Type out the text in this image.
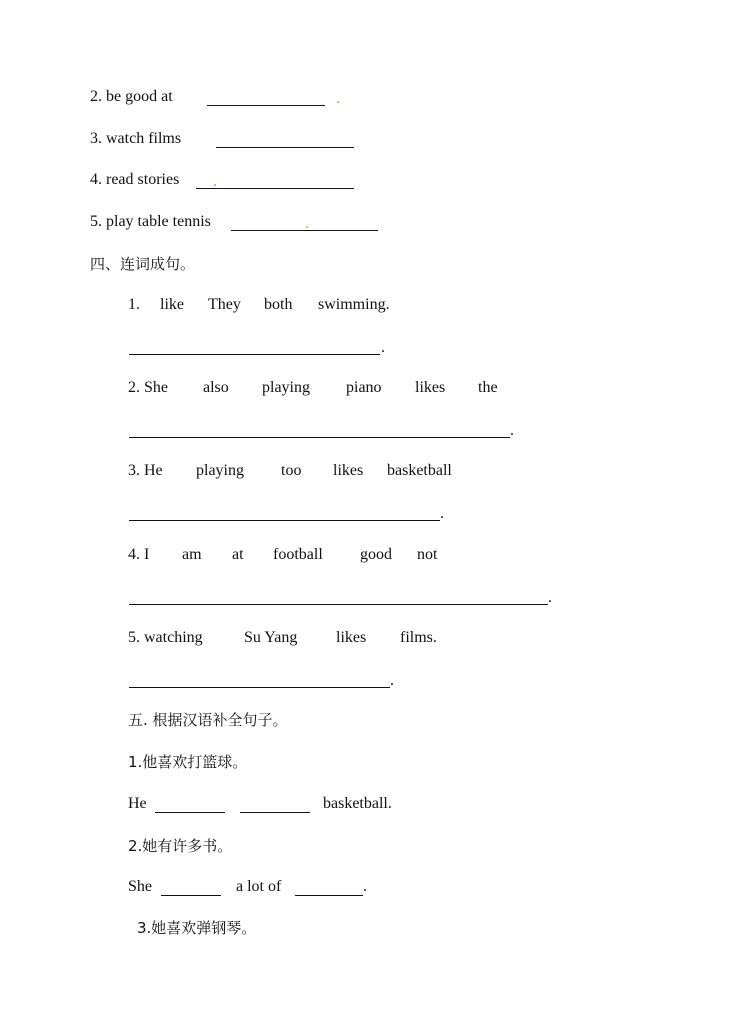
2. be good at
3. watch films
4. read stories
5. play table tennis
四、连词成句。
1. like They both swimming.
.
2. She also playing piano likes the
.
3. He playing too likes basketball
.
4. I am at football good not
.
5. watching	Su Yang likes films.
.
五. 根据汉语补全句子。
1.他喜欢打篮球。
He	basketball.
2.她有许多书。
She	a lot of	.
3.她喜欢弹钢琴。
